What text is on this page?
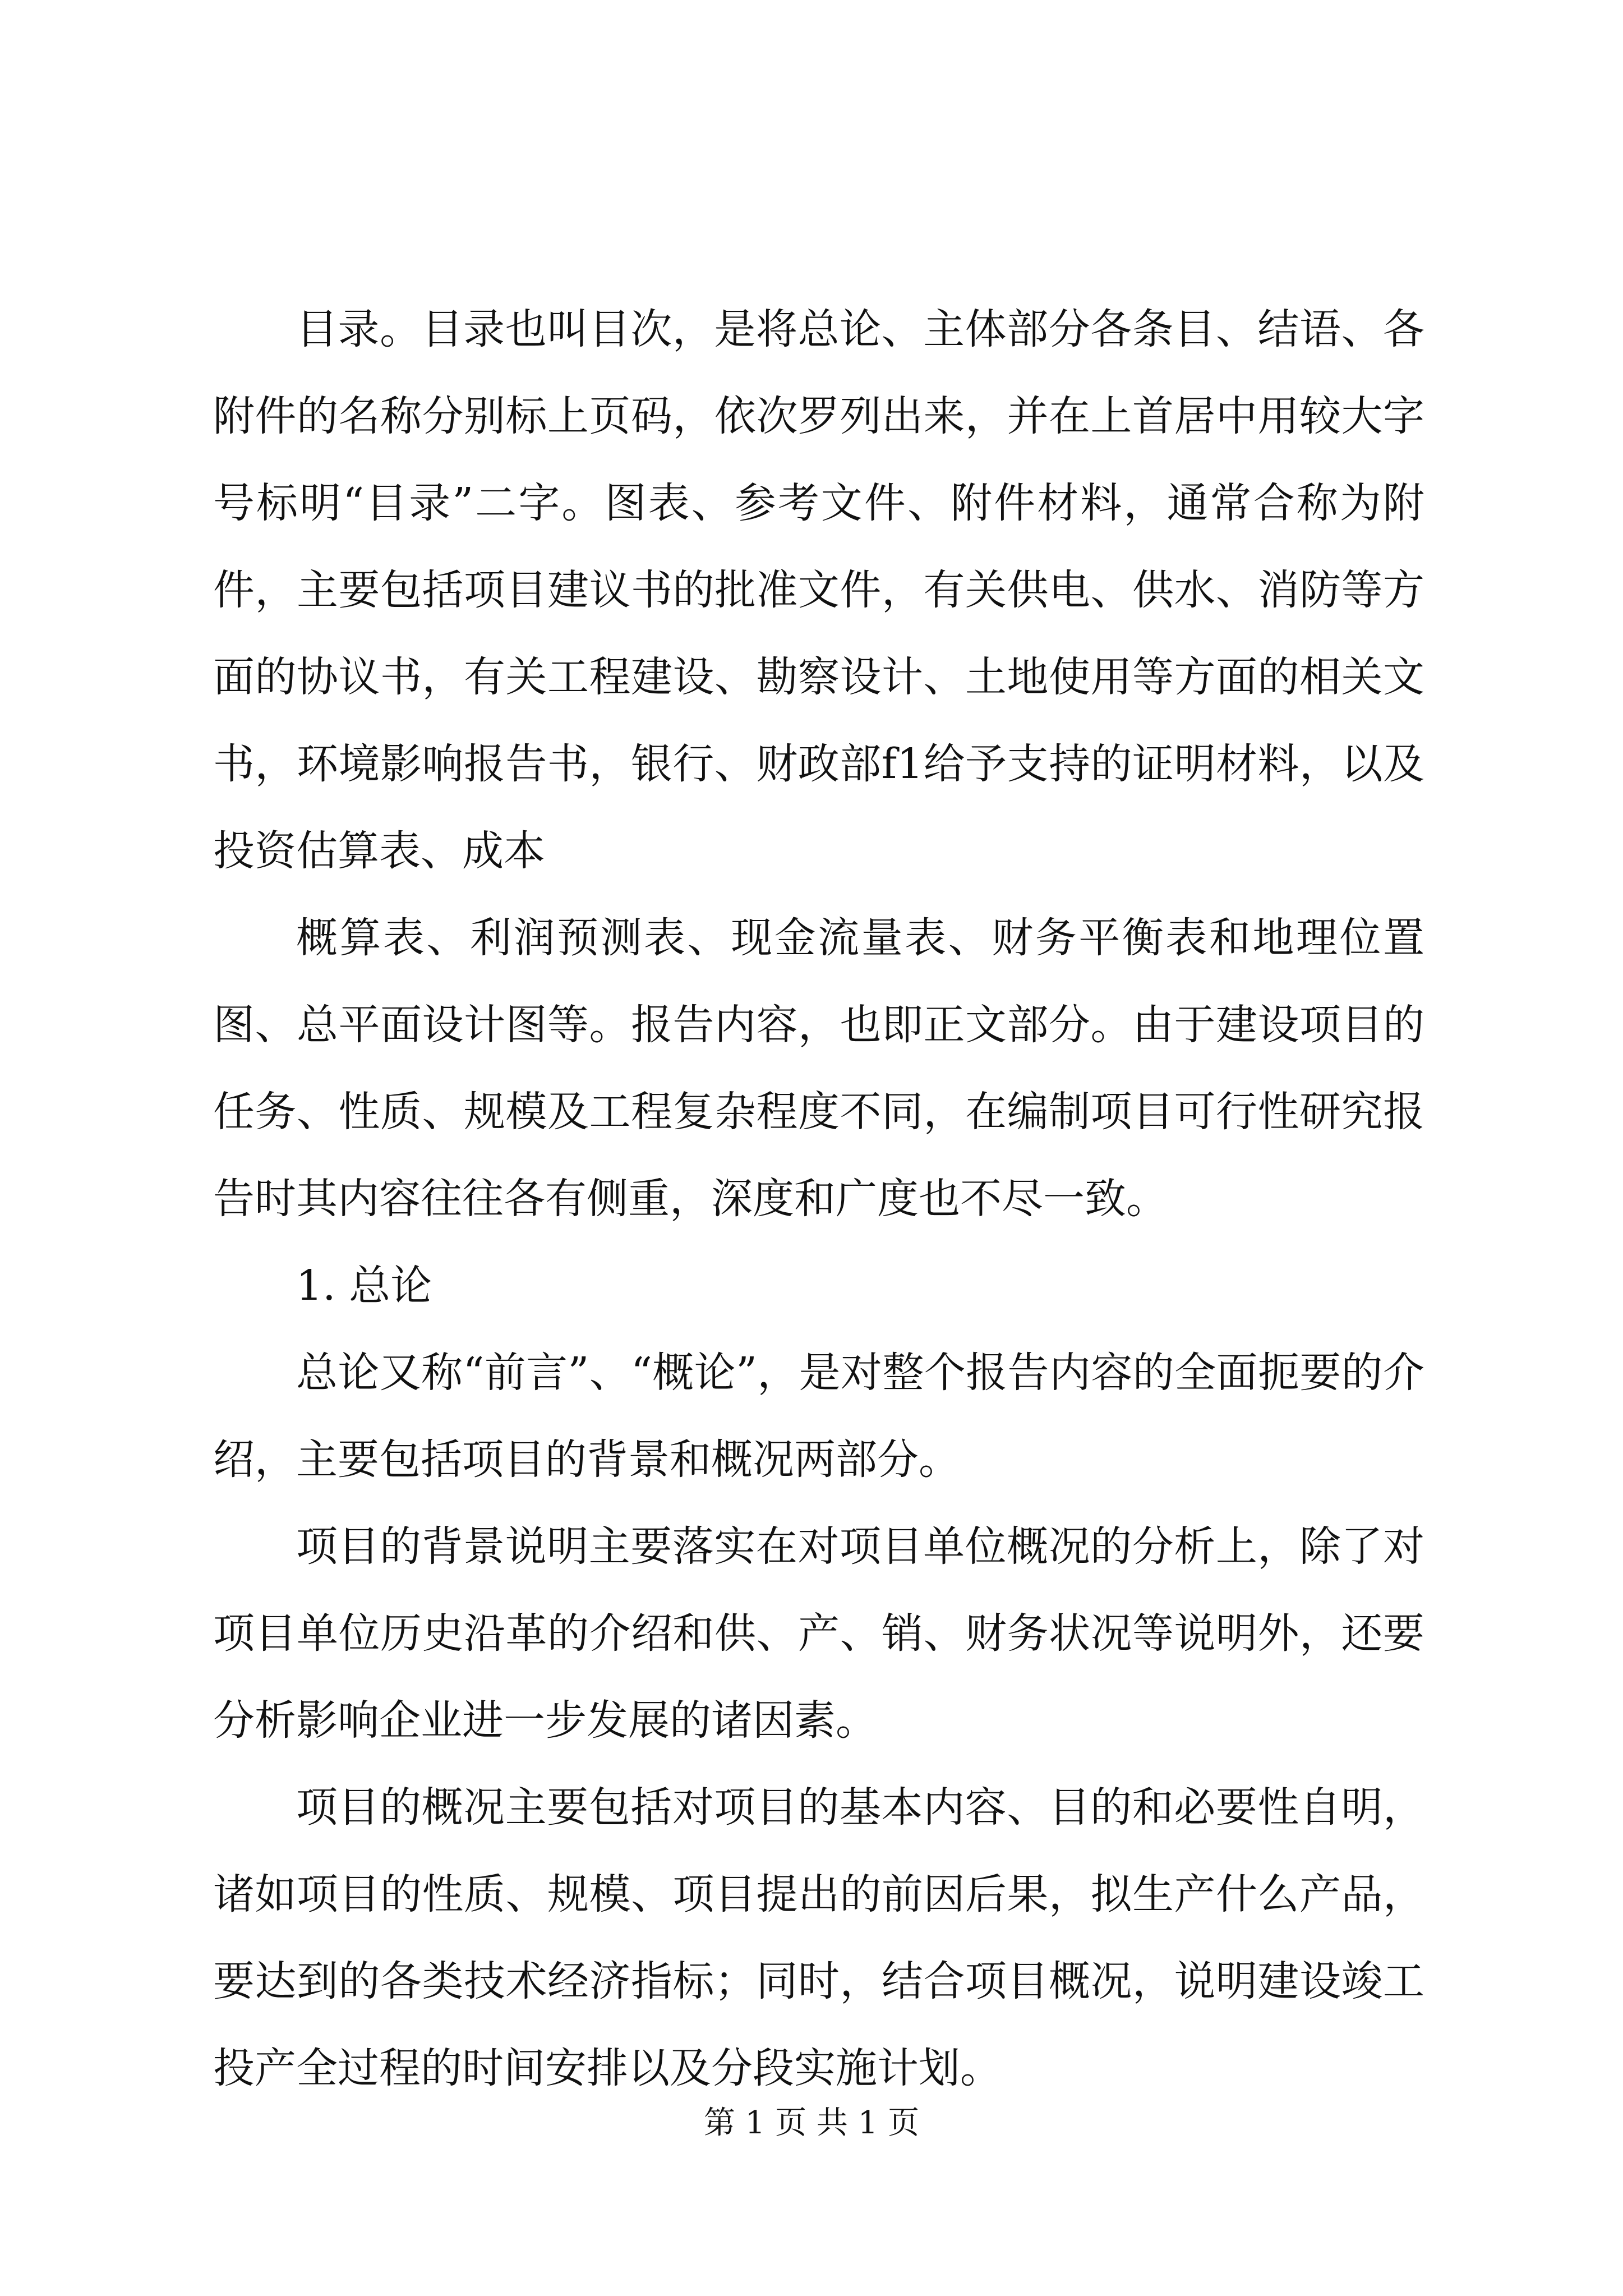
目录。目录也叫目次，是将总论、主体部分各条目、结语、各附件的名称分别标上页码，依次罗列出来，并在上首居中用较大字号标明“目录”二字。图表、参考文件、附件材料，通常合称为附件，主要包括项目建议书的批准文件，有关供电、供水、消防等方面的协议书，有关工程建设、勘察设计、土地使用等方面的相关文书，环境影响报告书，银行、财政部f1给予支持的证明材料，以及投资估算表、成本

概算表、利润预测表、现金流量表、财务平衡表和地理位置图、总平面设计图等。报告内容，也即正文部分。由于建设项目的任务、性质、规模及工程复杂程度不同，在编制项目可行性研究报告时其内容往往各有侧重，深度和广度也不尽一致。

1. 总论

总论又称“前言”、“概论”，是对整个报告内容的全面扼要的介绍，主要包括项目的背景和概况两部分。

项目的背景说明主要落实在对项目单位概况的分析上，除了对项目单位历史沿革的介绍和供、产、销、财务状况等说明外，还要分析影响企业进一步发展的诸因素。

项目的概况主要包括对项目的基本内容、目的和必要性自明，诸如项目的性质、规模、项目提出的前因后果，拟生产什么产品，要达到的各类技术经济指标；同时，结合项目概况，说明建设竣工投产全过程的时间安排以及分段实施计划。

第 1 页 共 1 页
